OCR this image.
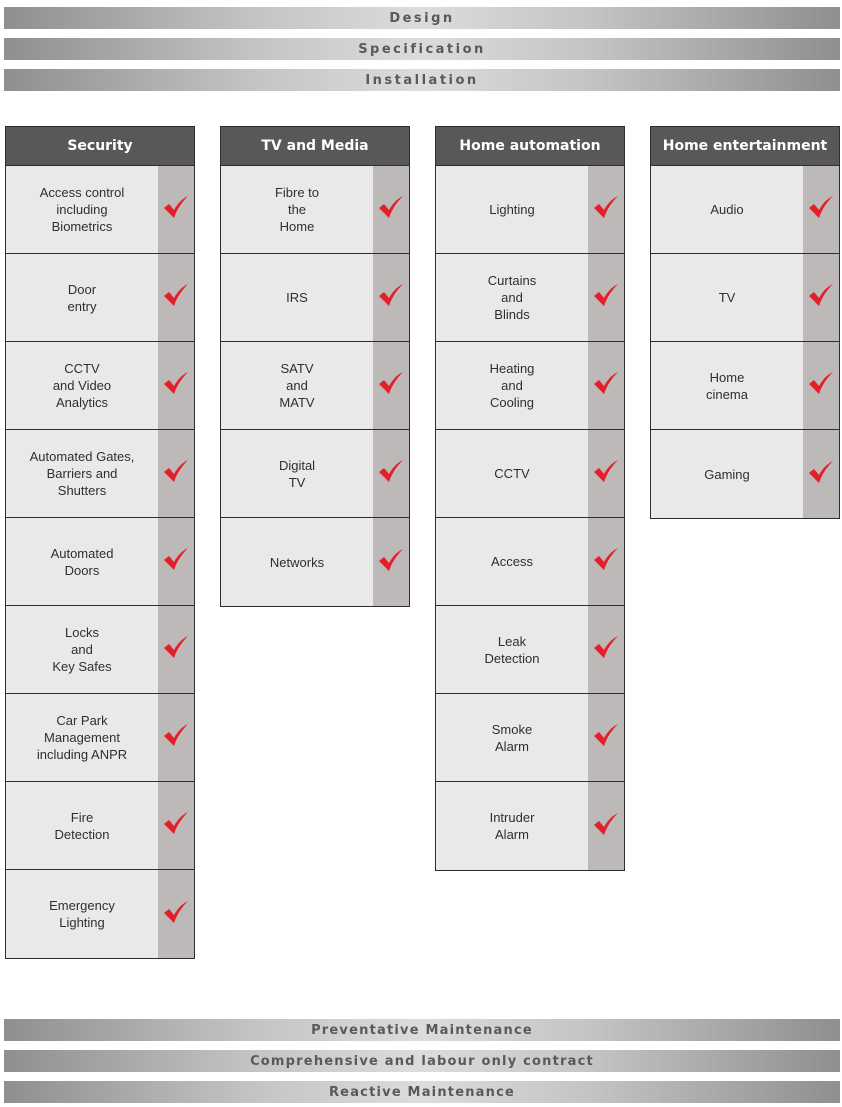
Design
Specification
Installation
Security
Access control
including
Biometrics
Door
entry
CCTV
and Video
Analytics
Automated Gates,
Barriers and
Shutters
Automated
Doors
Locks
and
Key Safes
Car Park
Management
including ANPR
Fire
Detection
Emergency
Lighting
TV and Media
Fibre to
the
Home
IRS
SATV
and
MATV
Digital
TV
Networks
Home automation
Lighting
Curtains
and
Blinds
Heating
and
Cooling
CCTV
Access
Leak
Detection
Smoke
Alarm
Intruder
Alarm
Home entertainment
Audio
TV
Home
cinema
Gaming
Preventative Maintenance
Comprehensive and labour only contract
Reactive Maintenance
